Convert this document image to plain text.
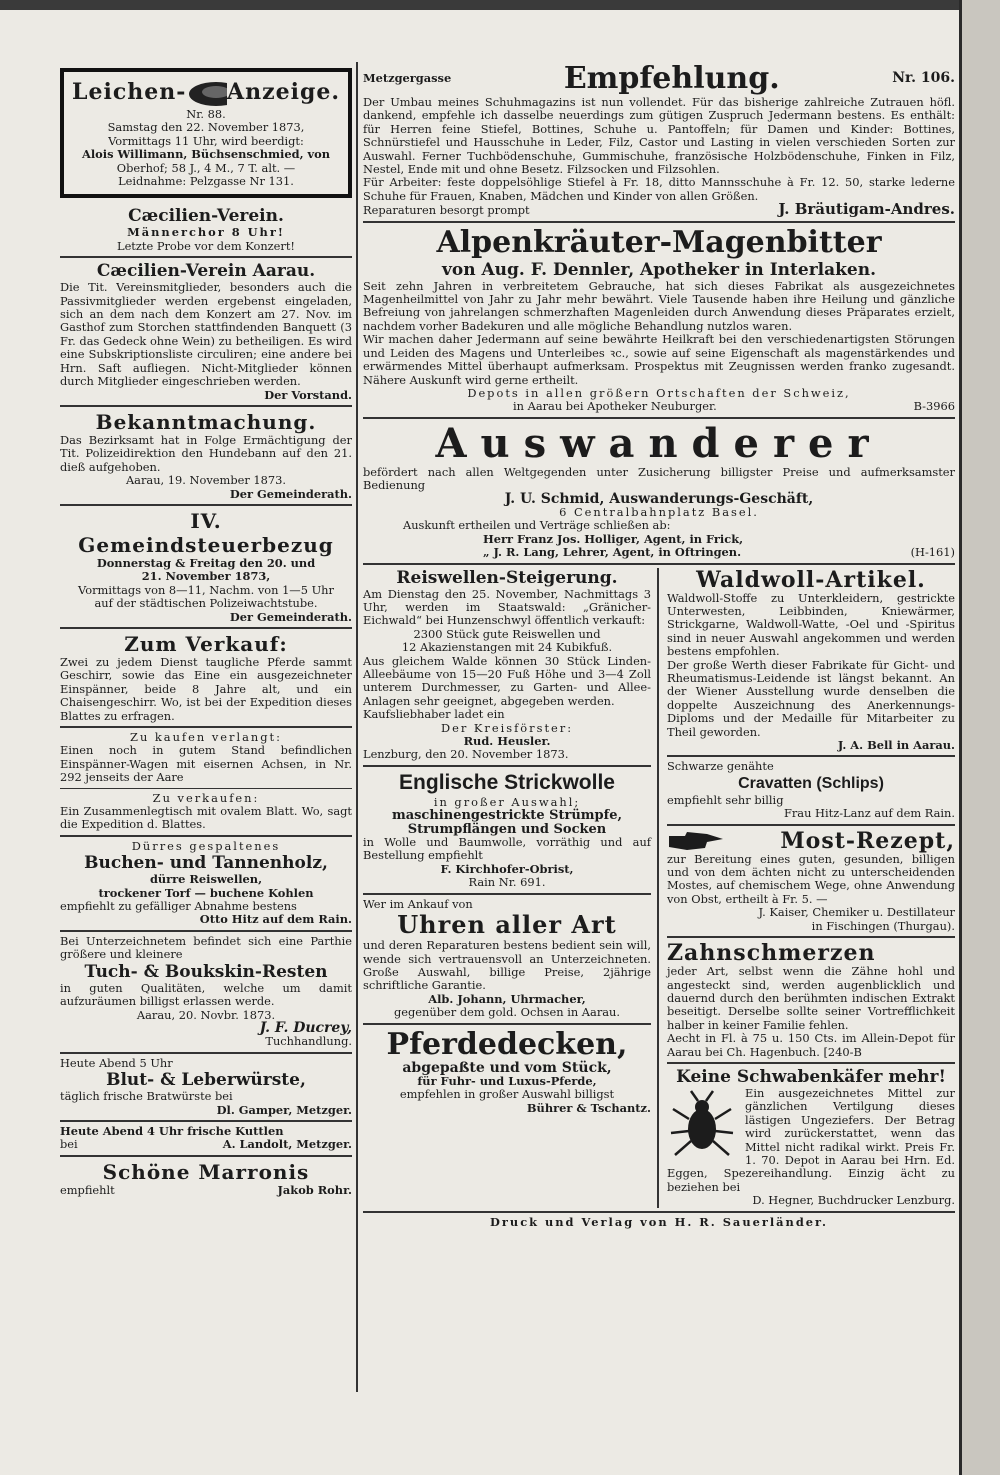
Leichen- Anzeige.
Nr. 88.
Samstag den 22. November 1873,
Vormittags 11 Uhr, wird beerdigt:
Alois Willimann, Büchsenschmied, von
Oberhof; 58 J., 4 M., 7 T. alt. —
Leidnahme: Pelzgasse Nr 131.
Cæcilien-Verein.
Männerchor 8 Uhr!
Letzte Probe vor dem Konzert!
Cæcilien-Verein Aarau.
Die Tit. Vereinsmitglieder, besonders auch die Passivmitglieder werden ergebenst eingeladen, sich an dem nach dem Konzert am 27. Nov. im Gasthof zum Storchen stattfindenden Banquett (3 Fr. das Gedeck ohne Wein) zu betheiligen. Es wird eine Subskriptionsliste circuliren; eine andere bei Hrn. Saft aufliegen. Nicht-Mitglieder können durch Mitglieder eingeschrieben werden.
Der Vorstand.
Bekanntmachung.
Das Bezirksamt hat in Folge Ermächtigung der Tit. Polizeidirektion den Hundebann auf den 21. dieß aufgehoben.
Aarau, 19. November 1873.
Der Gemeinderath.
IV. Gemeindsteuerbezug
Donnerstag & Freitag den 20. und
21. November 1873,
Vormittags von 8—11, Nachm. von 1—5 Uhr
auf der städtischen Polizeiwachtstube.
Der Gemeinderath.
Zum Verkauf:
Zwei zu jedem Dienst taugliche Pferde sammt Geschirr, sowie das Eine ein ausgezeichneter Einspänner, beide 8 Jahre alt, und ein Chaisengeschirr. Wo, ist bei der Expedition dieses Blattes zu erfragen.
Zu kaufen verlangt:
Einen noch in gutem Stand befindlichen Einspänner-Wagen mit eisernen Achsen, in Nr. 292 jenseits der Aare
Zu verkaufen:
Ein Zusammenlegtisch mit ovalem Blatt. Wo, sagt die Expedition d. Blattes.
Dürres gespaltenes
Buchen- und Tannenholz,
dürre Reiswellen,
trockener Torf — buchene Kohlen
empfiehlt zu gefälliger Abnahme bestens
Otto Hitz auf dem Rain.
Bei Unterzeichnetem befindet sich eine Parthie größere und kleinere
Tuch- & Boukskin-Resten
in guten Qualitäten, welche um damit aufzuräumen billigst erlassen werde.
Aarau, 20. Novbr. 1873.
J. F. Ducrey,
Tuchhandlung.
Heute Abend 5 Uhr
Blut- & Leberwürste,
täglich frische Bratwürste bei
Dl. Gamper, Metzger.
Heute Abend 4 Uhr frische Kuttlen
bei	A. Landolt, Metzger.
Schöne Marronis
empfiehlt	Jakob Rohr.
Metzgergasse	Empfehlung.	Nr. 106.
Der Umbau meines Schuhmagazins ist nun vollendet. Für das bisherige zahlreiche Zutrauen höfl. dankend, empfehle ich dasselbe neuerdings zum gütigen Zuspruch Jedermann bestens. Es enthält: für Herren feine Stiefel, Bottines, Schuhe u. Pantoffeln; für Damen und Kinder: Bottines, Schnürstiefel und Hausschuhe in Leder, Filz, Castor und Lasting in vielen verschieden Sorten zur Auswahl. Ferner Tuchbödenschuhe, Gummischuhe, französische Holzbödenschuhe, Finken in Filz, Nestel, Ende mit und ohne Besetz. Filzsocken und Filzsohlen.
Für Arbeiter: feste doppelsöhlige Stiefel à Fr. 18, ditto Mannsschuhe à Fr. 12. 50, starke lederne Schuhe für Frauen, Knaben, Mädchen und Kinder von allen Größen.
Reparaturen besorgt prompt	J. Bräutigam-Andres.
Alpenkräuter-Magenbitter
von Aug. F. Dennler, Apotheker in Interlaken.
Seit zehn Jahren in verbreitetem Gebrauche, hat sich dieses Fabrikat als ausgezeichnetes Magenheilmittel von Jahr zu Jahr mehr bewährt. Viele Tausende haben ihre Heilung und gänzliche Befreiung von jahrelangen schmerzhaften Magenleiden durch Anwendung dieses Präparates erzielt, nachdem vorher Badekuren und alle mögliche Behandlung nutzlos waren.
Wir machen daher Jedermann auf seine bewährte Heilkraft bei den verschiedenartigsten Störungen und Leiden des Magens und Unterleibes ꝛc., sowie auf seine Eigenschaft als magenstärkendes und erwärmendes Mittel überhaupt aufmerksam. Prospektus mit Zeugnissen werden franko zugesandt. Nähere Auskunft wird gerne ertheilt.
Depots in allen größern Ortschaften der Schweiz,
in Aarau bei Apotheker Neuburger.	B-3966
Auswanderer
befördert nach allen Weltgegenden unter Zusicherung billigster Preise und aufmerksamster Bedienung
J. U. Schmid, Auswanderungs-Geschäft,
6 Centralbahnplatz Basel.
Auskunft ertheilen und Verträge schließen ab:
Herr Franz Jos. Holliger, Agent, in Frick,
„ J. R. Lang, Lehrer, Agent, in Oftringen.	(H-161)
Reiswellen-Steigerung.
Am Dienstag den 25. November, Nachmittags 3 Uhr, werden im Staatswald: „Gränicher-Eichwald“ bei Hunzenschwyl öffentlich verkauft:
2300 Stück gute Reiswellen und
12 Akazienstangen mit 24 Kubikfuß.
Aus gleichem Walde können 30 Stück Linden-Alleebäume von 15—20 Fuß Höhe und 3—4 Zoll unterem Durchmesser, zu Garten- und Allee-Anlagen sehr geeignet, abgegeben werden.
Kaufsliebhaber ladet ein
Der Kreisförster:
Rud. Heusler.
Lenzburg, den 20. November 1873.
Englische Strickwolle
in großer Auswahl;
maschinengestrickte Strümpfe, Strumpflängen und Socken
in Wolle und Baumwolle, vorräthig und auf Bestellung empfiehlt
F. Kirchhofer-Obrist,
Rain Nr. 691.
Wer im Ankauf von
Uhren aller Art
und deren Reparaturen bestens bedient sein will, wende sich vertrauensvoll an Unterzeichneten. Große Auswahl, billige Preise, 2jährige schriftliche Garantie.
Alb. Johann, Uhrmacher,
gegenüber dem gold. Ochsen in Aarau.
Pferdedecken,
abgepaßte und vom Stück,
für Fuhr- und Luxus-Pferde,
empfehlen in großer Auswahl billigst
Bührer & Tschantz.
Waldwoll-Artikel.
Waldwoll-Stoffe zu Unterkleidern, gestrickte Unterwesten, Leibbinden, Kniewärmer, Strickgarne, Waldwoll-Watte, -Oel und -Spiritus sind in neuer Auswahl angekommen und werden bestens empfohlen.
Der große Werth dieser Fabrikate für Gicht- und Rheumatismus-Leidende ist längst bekannt. An der Wiener Ausstellung wurde denselben die doppelte Auszeichnung des Anerkennungs-Diploms und der Medaille für Mitarbeiter zu Theil geworden.
J. A. Bell in Aarau.
Schwarze genähte
Cravatten (Schlips)
empfiehlt sehr billig
Frau Hitz-Lanz auf dem Rain.
Most-Rezept,
zur Bereitung eines guten, gesunden, billigen und von dem ächten nicht zu unterscheidenden Mostes, auf chemischem Wege, ohne Anwendung von Obst, ertheilt à Fr. 5. —
J. Kaiser, Chemiker u. Destillateur
in Fischingen (Thurgau).
Zahnschmerzen
jeder Art, selbst wenn die Zähne hohl und angesteckt sind, werden augenblicklich und dauernd durch den berühmten indischen Extrakt beseitigt. Derselbe sollte seiner Vortrefflichkeit halber in keiner Familie fehlen.
Aecht in Fl. à 75 u. 150 Cts. im Allein-Depot für Aarau bei Ch. Hagenbuch. [240-B
Keine Schwabenkäfer mehr!
Ein ausgezeichnetes Mittel zur gänzlichen Vertilgung dieses lästigen Ungeziefers. Der Betrag wird zurückerstattet, wenn das Mittel nicht radikal wirkt. Preis Fr. 1. 70. Depot in Aarau bei Hrn. Ed. Eggen, Spezereihandlung. Einzig ächt zu beziehen bei
D. Hegner, Buchdrucker Lenzburg.
Druck und Verlag von H. R. Sauerländer.
